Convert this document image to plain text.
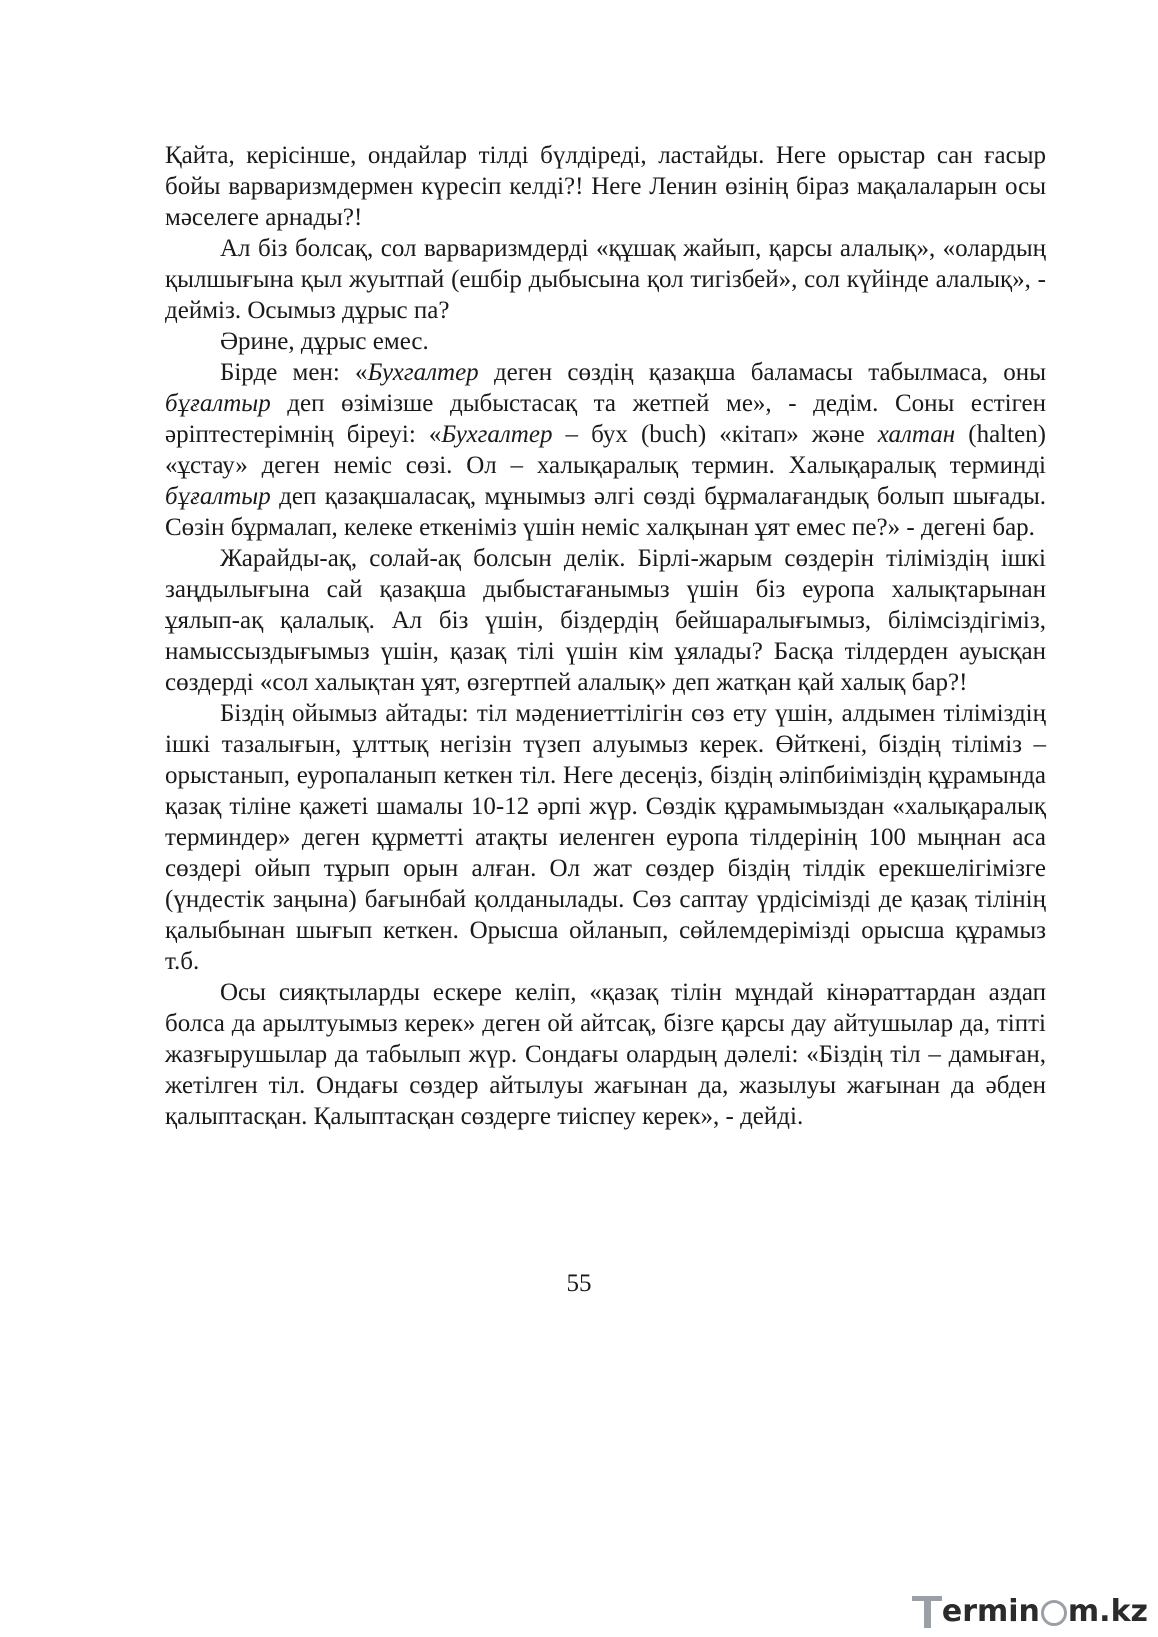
Қайта, керісінше, ондайлар тілді бүлдіреді, ластайды. Неге орыстар сан ғасыр бойы варваризмдермен күресіп келді?! Неге Ленин өзінің біраз мақалаларын осы мәселеге арнады?!

Ал біз болсақ, сол варваризмдерді «құшақ жайып, қарсы алалық», «олардың қылшығына қыл жуытпай (ешбір дыбысына қол тигізбей», сол күйінде алалық», - дейміз. Осымыз дұрыс па?

Әрине, дұрыс емес.

Бірде мен: «Бухгалтер деген сөздің қазақша баламасы табылмаса, оны бұғалтыр деп өзімізше дыбыстасақ та жетпей ме», - дедім. Соны естіген әріптестерімнің біреуі: «Бухгалтер – бух (buch) «кітап» және халтан (halten) «ұстау» деген неміс сөзі. Ол – халықаралық термин. Халықаралық терминді бұғалтыр деп қазақшаласақ, мұнымыз әлгі сөзді бұрмалағандық болып шығады. Сөзін бұрмалап, келеке еткеніміз үшін неміс халқынан ұят емес пе?» - дегені бар.

Жарайды-ақ, солай-ақ болсын делік. Бірлі-жарым сөздерін тіліміздің ішкі заңдылығына сай қазақша дыбыстағанымыз үшін біз еуропа халықтарынан ұялып-ақ қалалық. Ал біз үшін, біздердің бейшаралығымыз, білімсіздігіміз, намыссыздығымыз үшін, қазақ тілі үшін кім ұялады? Басқа тілдерден ауысқан сөздерді «сол халықтан ұят, өзгертпей алалық» деп жатқан қай халық бар?!

Біздің ойымыз айтады: тіл мәдениеттілігін сөз ету үшін, алдымен тіліміздің ішкі тазалығын, ұлттық негізін түзеп алуымыз керек. Өйткені, біздің тіліміз – орыстанып, еуропаланып кеткен тіл. Неге десеңіз, біздің әліпбиіміздің құрамында қазақ тіліне қажеті шамалы 10-12 әрпі жүр. Сөздік құрамымыздан «халықаралық терминдер» деген құрметті атақты иеленген еуропа тілдерінің 100 мыңнан аса сөздері ойып тұрып орын алған. Ол жат сөздер біздің тілдік ерекшелігімізге (үндестік заңына) бағынбай қолданылады. Сөз саптау үрдісімізді де қазақ тілінің қалыбынан шығып кеткен. Орысша ойланып, сөйлемдерімізді орысша құрамыз т.б.

Осы сияқтыларды ескере келіп, «қазақ тілін мұндай кінәраттардан аздап болса да арылтуымыз керек» деген ой айтсақ, бізге қарсы дау айтушылар да, тіпті жазғырушылар да табылып жүр. Сондағы олардың дәлелі: «Біздің тіл – дамыған, жетілген тіл. Ондағы сөздер айтылуы жағынан да, жазылуы жағынан да әбден қалыптасқан. Қалыптасқан сөздерге тиіспеу керек», - дейді.

55
ermin m.kz
